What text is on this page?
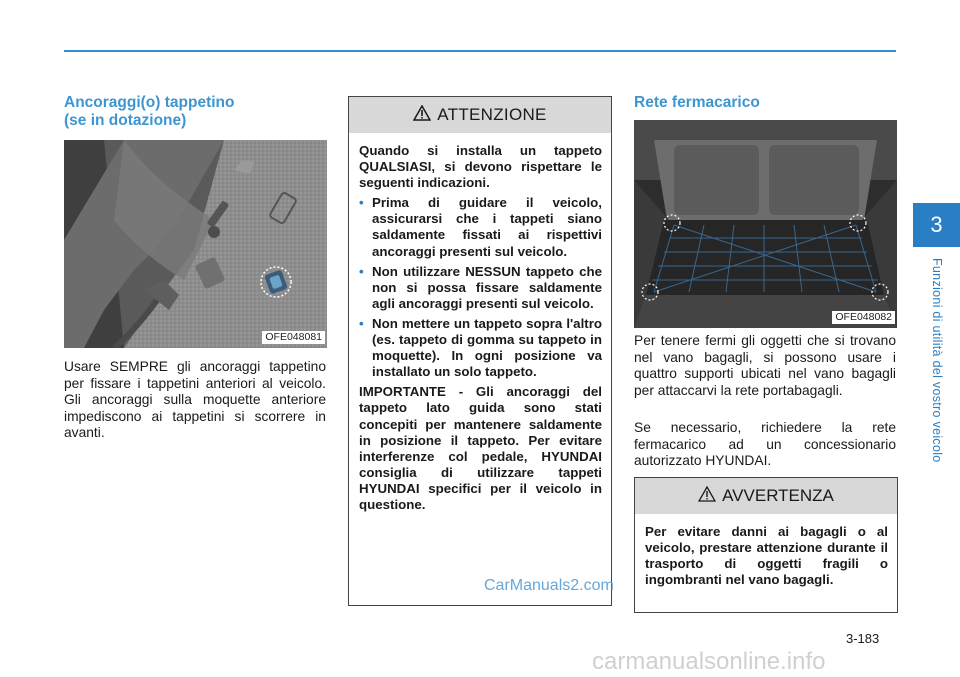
3
Funzioni di utilità del vostro veicolo
Ancoraggi(o) tappetino
(se in dotazione)
OFE048081

Usare SEMPRE gli ancoraggi tappetino per fissare i tappetini anteriori al veicolo. Gli ancoraggi sulla moquette anteriore impediscono ai tappetini si scorrere in avanti.

ATTENZIONE

Quando si installa un tappeto QUALSIASI, si devono rispettare le seguenti indicazioni.

• Prima di guidare il veicolo, assicurarsi che i tappeti siano saldamente fissati ai rispettivi ancoraggi presenti sul veicolo.
• Non utilizzare NESSUN tappeto che non si possa fissare saldamente agli ancoraggi presenti sul veicolo.
• Non mettere un tappeto sopra l'altro (es. tappeto di gomma su tappeto in moquette). In ogni posizione va installato un solo tappeto.

IMPORTANTE - Gli ancoraggi del tappeto lato guida sono stati concepiti per mantenere saldamente in posizione il tappeto. Per evitare interferenze col pedale, HYUNDAI consiglia di utilizzare tappeti HYUNDAI specifici per il veicolo in questione.

Rete fermacarico
OFE048082

Per tenere fermi gli oggetti che si trovano nel vano bagagli, si possono usare i quattro supporti ubicati nel vano bagagli per attaccarvi la rete portabagagli.

Se necessario, richiedere la rete fermacarico ad un concessionario autorizzato HYUNDAI.

AVVERTENZA
Per evitare danni ai bagagli o al veicolo, prestare attenzione durante il trasporto di oggetti fragili o ingombranti nel vano bagagli.
3-183
CarManuals2.com
carmanualsonline.info
